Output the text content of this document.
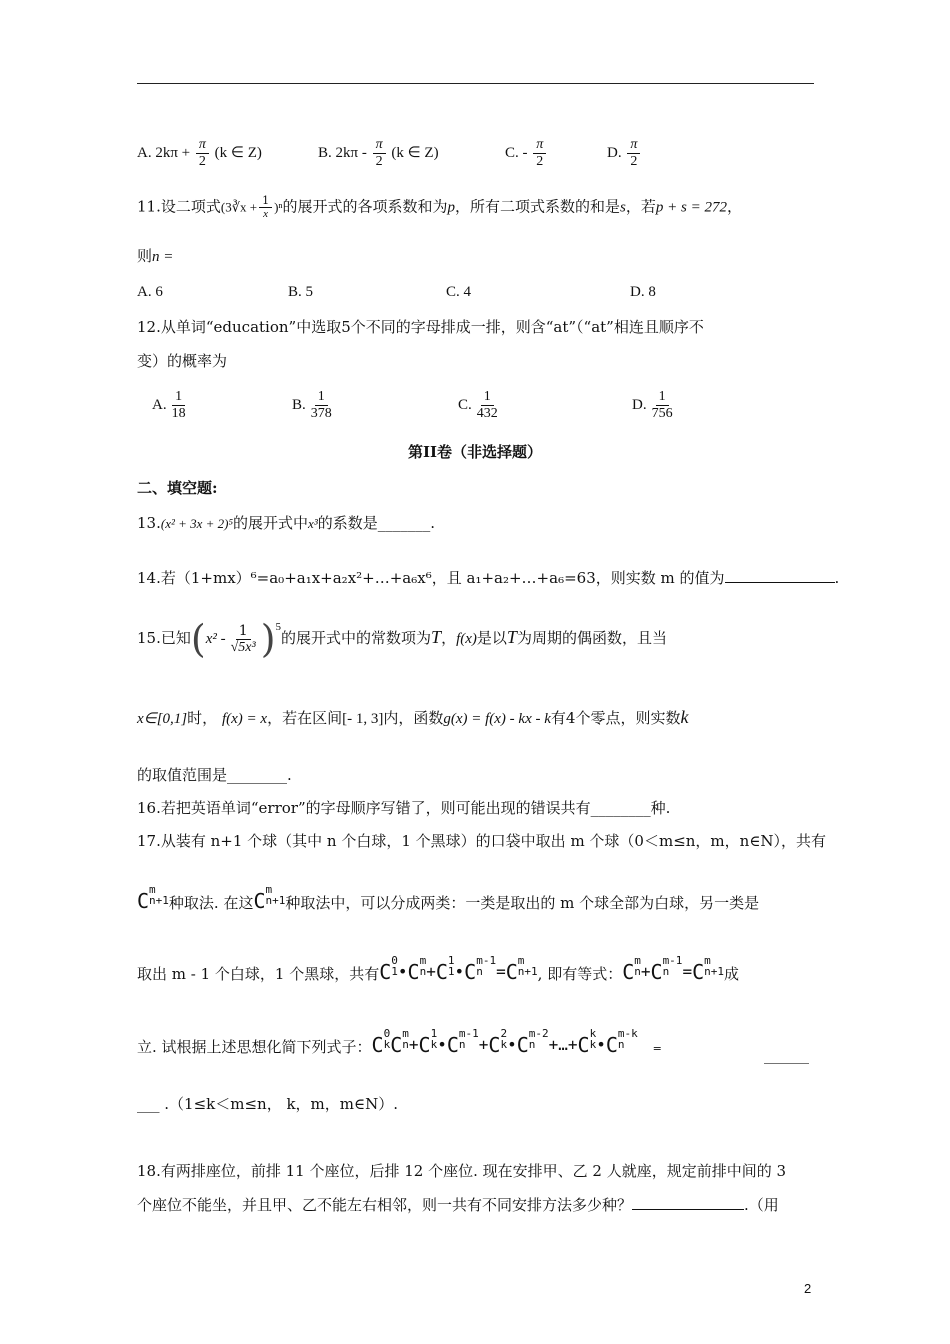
A. $2k\pi + \frac{\pi}{2} (k$ ∈ Z)	B. $2k\pi - \frac{\pi}{2} (k$ ∈ Z)	C. - $\frac{\pi}{2}$	D. $\frac{\pi}{2}$
11.设二项式(3∛x + $\frac{1}{x} )^n$的展开式的各项系数和为p，所有二项式系数的和是s，若p + s = 272，
则n =
A. 6	B. 5	C. 4	D. 8
12.从单词“education”中选取5个不同的字母排成一排，则含“at”（“at”相连且顺序不
变）的概率为
A. $\frac{1}{18}$	B. $\frac{1}{378}$	C. $\frac{1}{432}$	D. $\frac{1}{756}$
第II卷（非选择题）
二、填空题:
13.(x² + 3x + 2)⁵的展开式中x³的系数是_______.
14.若（1+mx）⁶=a₀+a₁x+a₂x²+…+a₆x⁶，且 a₁+a₂+…+a₆=63，则实数 m 的值为	.
15.已知$(x^2 - \frac{1}{\text{√5x³}} )^5$的展开式中的常数项为T，f(x)是以T为周期的偶函数，且当
x∈[0,1]时， f(x) = x，若在区间[- 1, 3]内，函数g(x) = f(x) - kx - k有4个零点，则实数k
的取值范围是________.
16.若把英语单词“error”的字母顺序写错了，则可能出现的错误共有________种.
17.从装有 n+1 个球（其中 n 个白球，1 个黑球）的口袋中取出 m 个球（0＜m≤n，m，n∈N），共有
C m
n+1 种取法. 在这 C m
n+1 种取法中，可以分成两类：一类是取出的 m 个球全部为白球，另一类是
取出 m - 1 个白球，1 个黑球，共有 C 0
1 • C m
n + C 1
1 • C m-1
n = C m
n+1 , 即有等式： C m
n + C m-1
n = C m
n+1 成
立. 试根据上述思想化简下列式子： C 0
k C m
n + C 1
k • C m-1
n + C 2
k • C m-2
n +…+ C k
k • C m-k
n	=	______
___ .（1≤k＜m≤n， k，m，m∈N）.
18.有两排座位，前排 11 个座位，后排 12 个座位. 现在安排甲、乙 2 人就座，规定前排中间的 3
个座位不能坐，并且甲、乙不能左右相邻，则一共有不同安排方法多少种？	.（用
2
